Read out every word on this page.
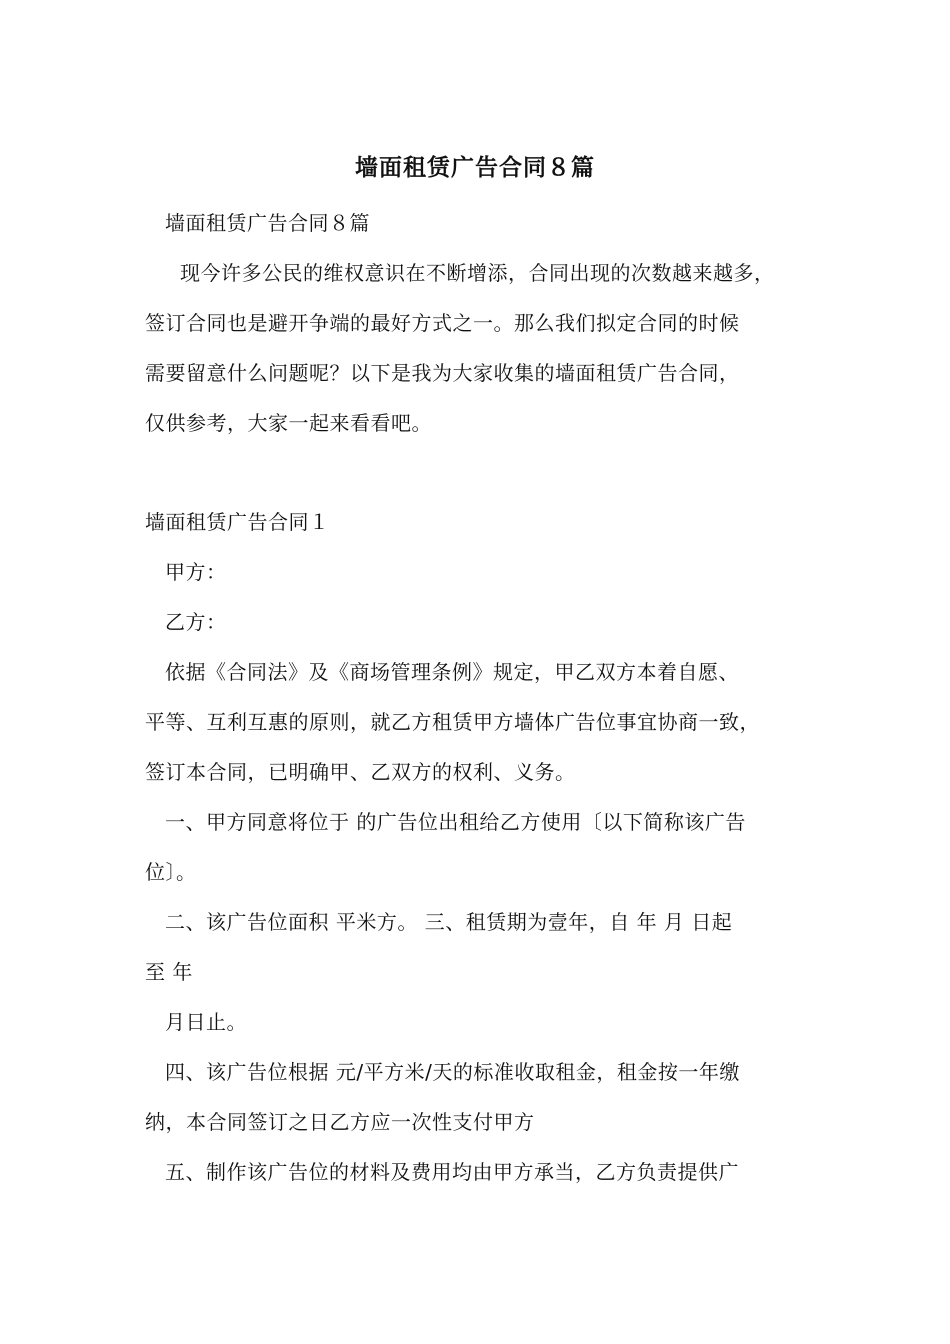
墙面租赁广告合同８篇
墙面租赁广告合同８篇
现今许多公民的维权意识在不断增添，合同出现的次数越来越多，
签订合同也是避开争端的最好方式之一。那么我们拟定合同的时候
需要留意什么问题呢？以下是我为大家收集的墙面租赁广告合同，
仅供参考，大家一起来看看吧。
墙面租赁广告合同１
甲方：
乙方：
依据《合同法》及《商场管理条例》规定，甲乙双方本着自愿、
平等、互利互惠的原则，就乙方租赁甲方墙体广告位事宜协商一致，
签订本合同，已明确甲、乙双方的权利、义务。
一、甲方同意将位于 的广告位出租给乙方使用〔以下简称该广告
位〕。
二、该广告位面积 平米方。 三、租赁期为壹年，自 年 月 日起
至 年
月日止。
四、该广告位根据 元/平方米/天的标准收取租金，租金按一年缴
纳，本合同签订之日乙方应一次性支付甲方
五、制作该广告位的材料及费用均由甲方承当，乙方负责提供广
